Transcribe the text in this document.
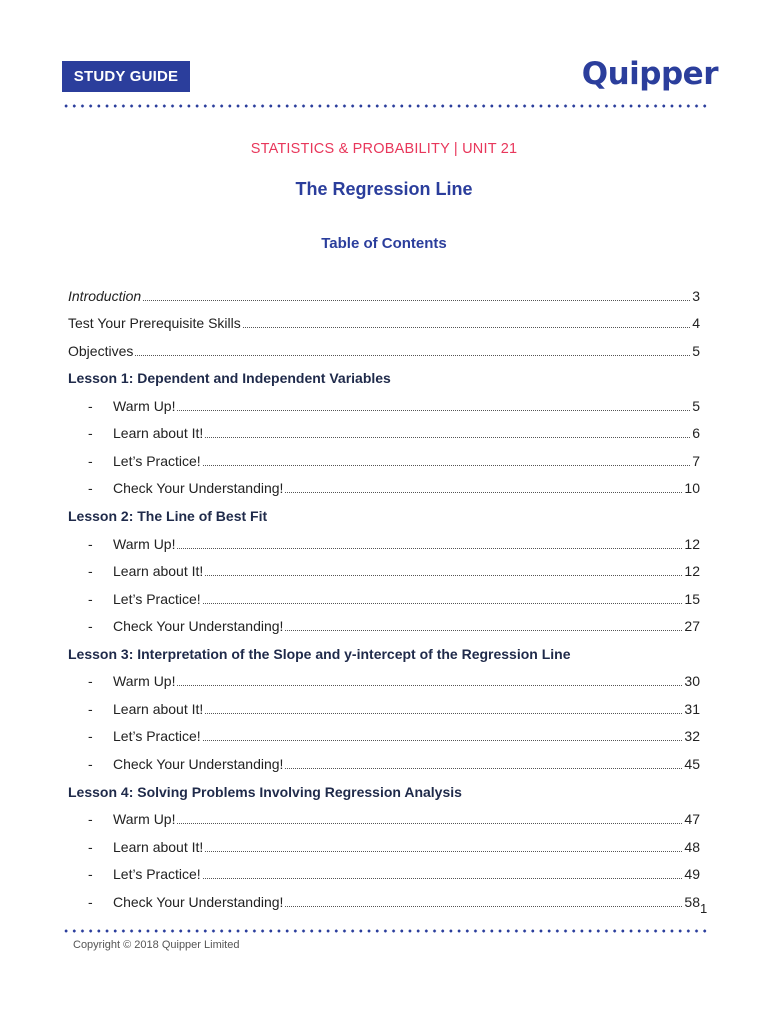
STUDY GUIDE	Quipper
STATISTICS & PROBABILITY | UNIT 21
The Regression Line
Table of Contents
Introduction	3
Test Your Prerequisite Skills	4
Objectives	5
Lesson 1: Dependent and Independent Variables
-	Warm Up!	5
-	Learn about It!	6
-	Let’s Practice!	7
-	Check Your Understanding!	10
Lesson 2: The Line of Best Fit
-	Warm Up!	12
-	Learn about It!	12
-	Let’s Practice!	15
-	Check Your Understanding!	27
Lesson 3: Interpretation of the Slope and y-intercept of the Regression Line
-	Warm Up!	30
-	Learn about It!	31
-	Let’s Practice!	32
-	Check Your Understanding!	45
Lesson 4: Solving Problems Involving Regression Analysis
-	Warm Up!	47
-	Learn about It!	48
-	Let’s Practice!	49
-	Check Your Understanding!	58 1
Copyright © 2018 Quipper Limited
